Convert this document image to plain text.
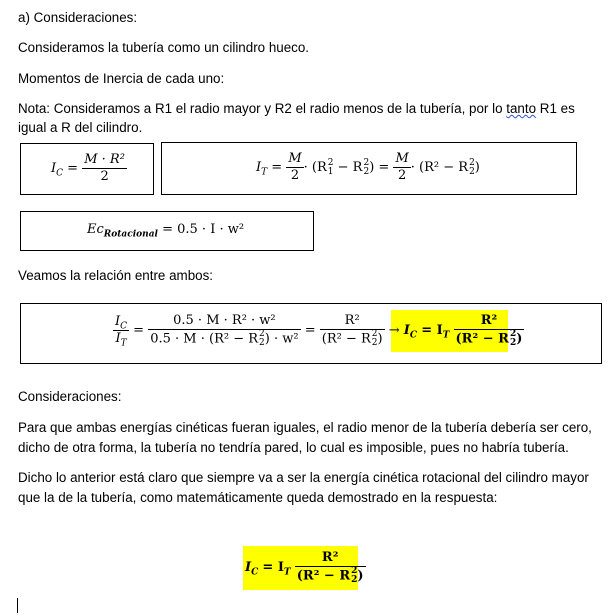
a) Consideraciones:
Consideramos la tubería como un cilindro hueco.
Momentos de Inercia de cada uno:
Nota: Consideramos a R1 el radio mayor y R2 el radio menos de la tubería, por lo tanto R1 es igual a R del cilindro.
$I_C = \frac{\text{M · R²}}{2}$	$I_T = \frac{M}{2} \cdot (R$ 2
1 − R 2
2 ) = $\frac{M}{2} \cdot (R^2 - R$ 2
2 )
$Ec_{Rotacional} = 0.5 \cdot I \cdot w^2$
Veamos la relación entre ambos:
$\frac{I_C}{I_T} = 0.5 \cdot M \cdot R^2 \cdot w^2$
0.5 · M · (R² − R 2
2 ) · w² = R²
(R² − R 2
2 ) → $I_C = I_T$ R²
(R² − R 2
2 )
Consideraciones:
Para que ambas energías cinéticas fueran iguales, el radio menor de la tubería debería ser cero, dicho de otra forma, la tubería no tendría pared, lo cual es imposible, pues no habría tubería.
Dicho lo anterior está claro que siempre va a ser la energía cinética rotacional del cilindro mayor que la de la tubería, como matemáticamente queda demostrado en la respuesta:
$I_C = I_T$ R²
(R² − R 2
2 )
